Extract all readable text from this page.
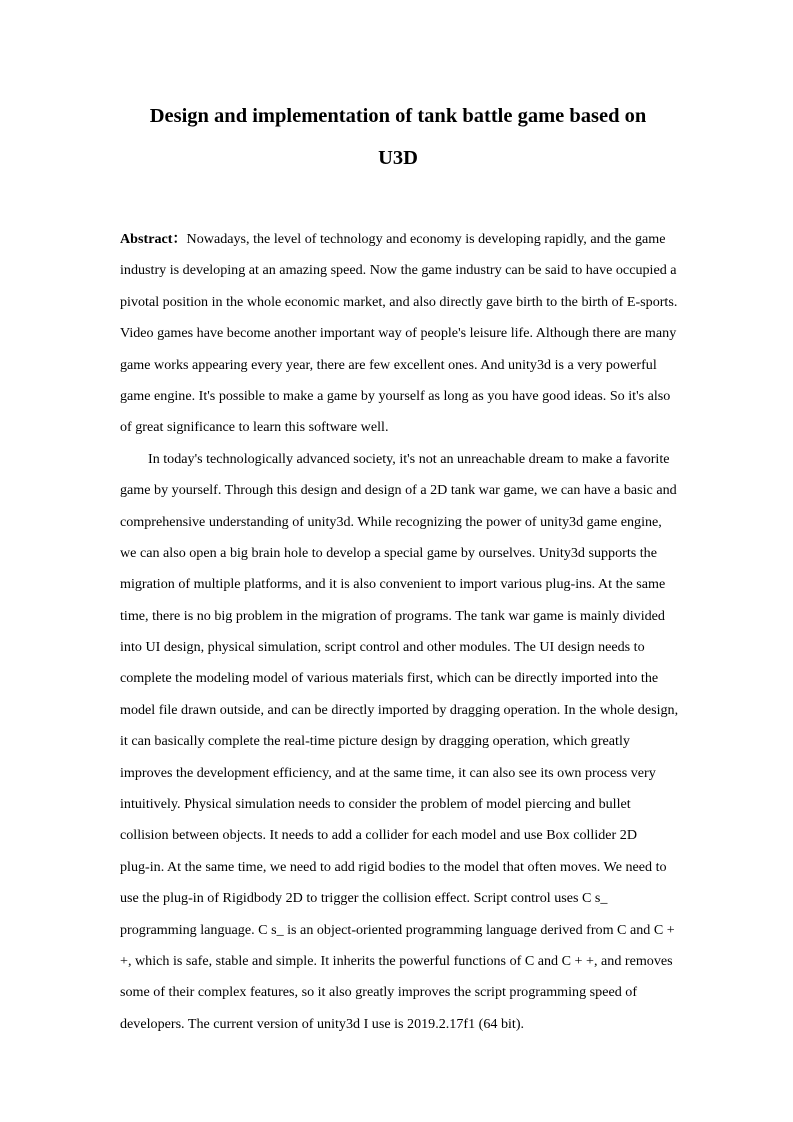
Design and implementation of tank battle game based on
U3D
Abstract：Nowadays, the level of technology and economy is developing rapidly, and the game
industry is developing at an amazing speed. Now the game industry can be said to have occupied a
pivotal position in the whole economic market, and also directly gave birth to the birth of E-sports.
Video games have become another important way of people's leisure life. Although there are many
game works appearing every year, there are few excellent ones. And unity3d is a very powerful
game engine. It's possible to make a game by yourself as long as you have good ideas. So it's also
of great significance to learn this software well.
In today's technologically advanced society, it's not an unreachable dream to make a favorite
game by yourself. Through this design and design of a 2D tank war game, we can have a basic and
comprehensive understanding of unity3d. While recognizing the power of unity3d game engine,
we can also open a big brain hole to develop a special game by ourselves. Unity3d supports the
migration of multiple platforms, and it is also convenient to import various plug-ins. At the same
time, there is no big problem in the migration of programs. The tank war game is mainly divided
into UI design, physical simulation, script control and other modules. The UI design needs to
complete the modeling model of various materials first, which can be directly imported into the
model file drawn outside, and can be directly imported by dragging operation. In the whole design,
it can basically complete the real-time picture design by dragging operation, which greatly
improves the development efficiency, and at the same time, it can also see its own process very
intuitively. Physical simulation needs to consider the problem of model piercing and bullet
collision between objects. It needs to add a collider for each model and use Box collider 2D
plug-in. At the same time, we need to add rigid bodies to the model that often moves. We need to
use the plug-in of Rigidbody 2D to trigger the collision effect. Script control uses C s_
programming language. C s_ is an object-oriented programming language derived from C and C +
+, which is safe, stable and simple. It inherits the powerful functions of C and C + +, and removes
some of their complex features, so it also greatly improves the script programming speed of
developers. The current version of unity3d I use is 2019.2.17f1 (64 bit).
